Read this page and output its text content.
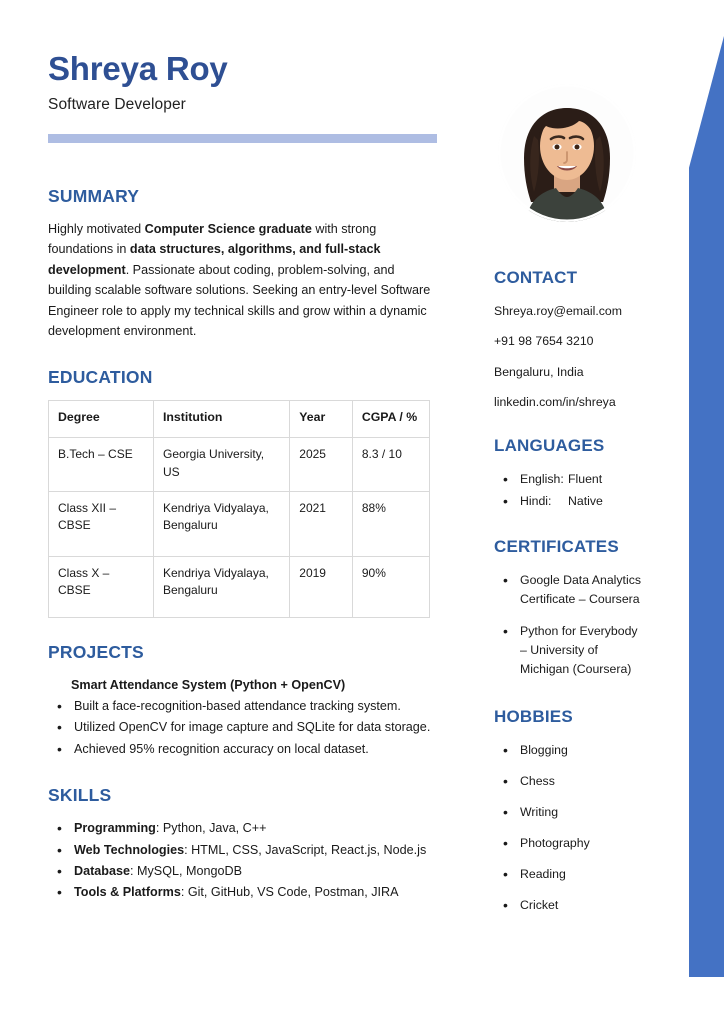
Shreya Roy
Software Developer
SUMMARY

Highly motivated Computer Science graduate with strong foundations in data structures, algorithms, and full-stack development. Passionate about coding, problem-solving, and building scalable software solutions. Seeking an entry-level Software Engineer role to apply my technical skills and grow within a dynamic development environment.

EDUCATION
Degree	Institution	Year	CGPA / %
B.Tech – CSE	Georgia University, US	2025	8.3 / 10
Class XII – CBSE	Kendriya Vidyalaya, Bengaluru	2021	88%
Class X – CBSE	Kendriya Vidyalaya, Bengaluru	2019	90%
PROJECTS
Smart Attendance System (Python + OpenCV)
• Built a face-recognition-based attendance tracking system.
• Utilized OpenCV for image capture and SQLite for data storage.
• Achieved 95% recognition accuracy on local dataset.
SKILLS
• Programming: Python, Java, C++
• Web Technologies: HTML, CSS, JavaScript, React.js, Node.js
• Database: MySQL, MongoDB
• Tools & Platforms: Git, GitHub, VS Code, Postman, JIRA
CONTACT
Shreya.roy@email.com
+91 98 7654 3210
Bengaluru, India
linkedin.com/in/shreya
LANGUAGES
• English: Fluent
• Hindi: Native
CERTIFICATES
• Google Data Analytics Certificate – Coursera
• Python for Everybody – University of Michigan (Coursera)
HOBBIES
• Blogging
• Chess
• Writing
• Photography
• Reading
• Cricket
